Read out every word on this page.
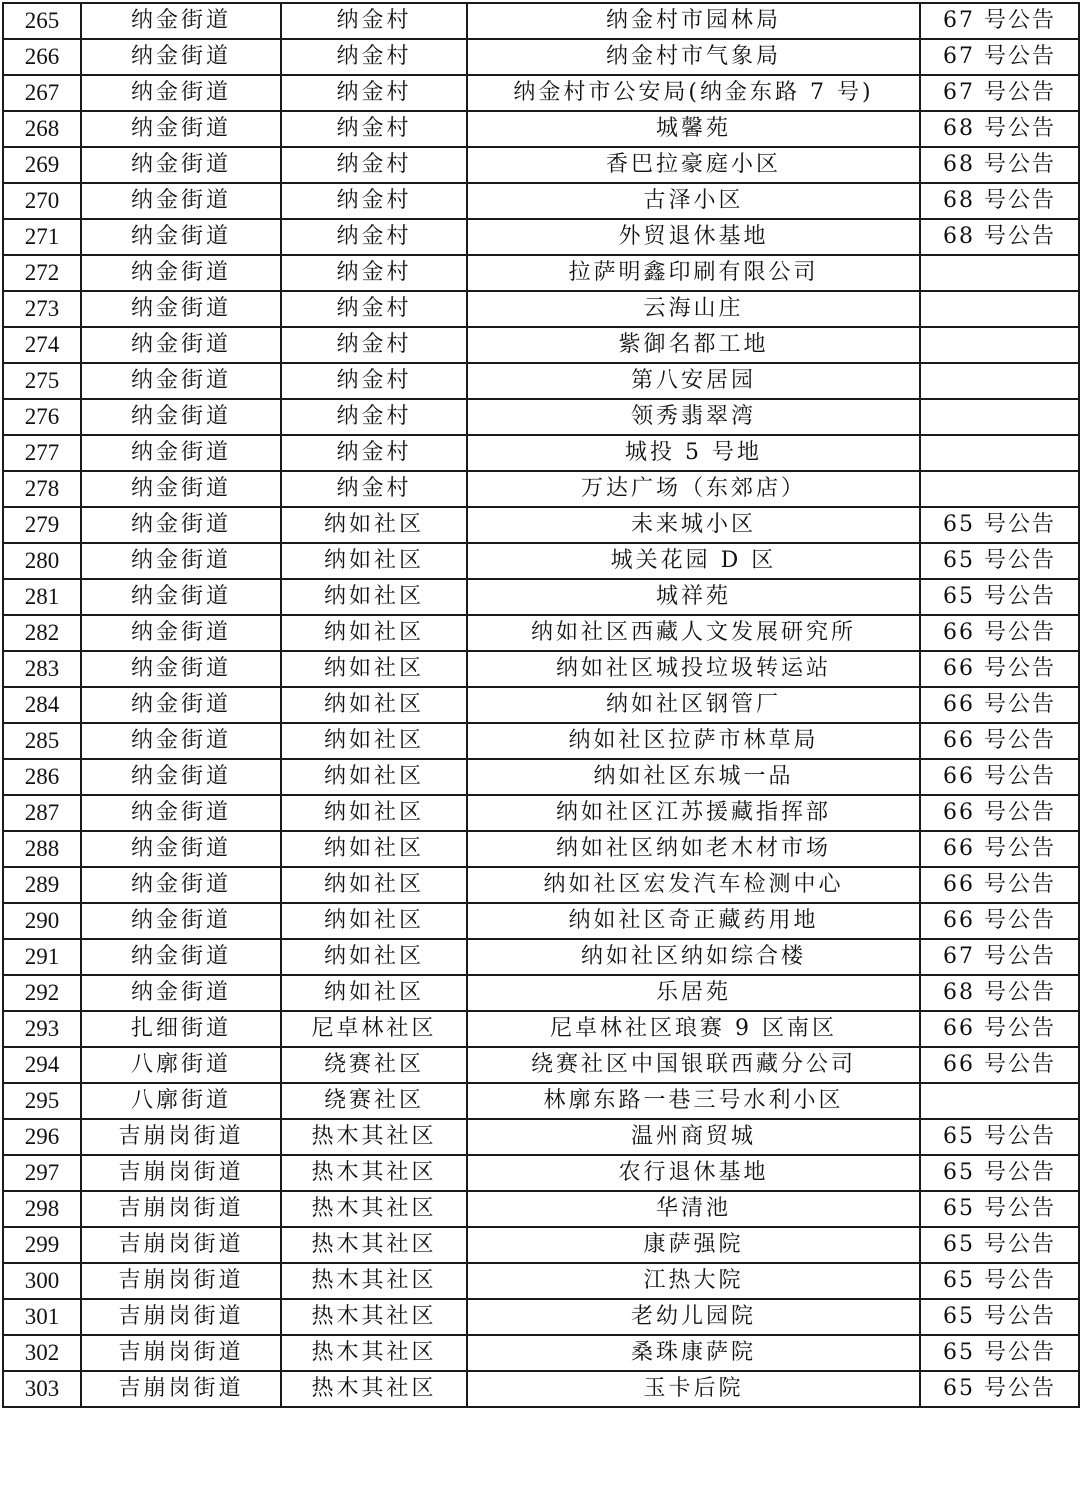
265	纳金街道	纳金村	纳金村市园林局	67 号公告
266	纳金街道	纳金村	纳金村市气象局	67 号公告
267	纳金街道	纳金村	纳金村市公安局(纳金东路 7 号)	67 号公告
268	纳金街道	纳金村	城馨苑	68 号公告
269	纳金街道	纳金村	香巴拉豪庭小区	68 号公告
270	纳金街道	纳金村	古泽小区	68 号公告
271	纳金街道	纳金村	外贸退休基地	68 号公告
272	纳金街道	纳金村	拉萨明鑫印刷有限公司	
273	纳金街道	纳金村	云海山庄	
274	纳金街道	纳金村	紫御名都工地	
275	纳金街道	纳金村	第八安居园	
276	纳金街道	纳金村	领秀翡翠湾	
277	纳金街道	纳金村	城投 5 号地	
278	纳金街道	纳金村	万达广场（东郊店）	
279	纳金街道	纳如社区	未来城小区	65 号公告
280	纳金街道	纳如社区	城关花园 D 区	65 号公告
281	纳金街道	纳如社区	城祥苑	65 号公告
282	纳金街道	纳如社区	纳如社区西藏人文发展研究所	66 号公告
283	纳金街道	纳如社区	纳如社区城投垃圾转运站	66 号公告
284	纳金街道	纳如社区	纳如社区钢管厂	66 号公告
285	纳金街道	纳如社区	纳如社区拉萨市林草局	66 号公告
286	纳金街道	纳如社区	纳如社区东城一品	66 号公告
287	纳金街道	纳如社区	纳如社区江苏援藏指挥部	66 号公告
288	纳金街道	纳如社区	纳如社区纳如老木材市场	66 号公告
289	纳金街道	纳如社区	纳如社区宏发汽车检测中心	66 号公告
290	纳金街道	纳如社区	纳如社区奇正藏药用地	66 号公告
291	纳金街道	纳如社区	纳如社区纳如综合楼	67 号公告
292	纳金街道	纳如社区	乐居苑	68 号公告
293	扎细街道	尼卓林社区	尼卓林社区琅赛 9 区南区	66 号公告
294	八廓街道	绕赛社区	绕赛社区中国银联西藏分公司	66 号公告
295	八廓街道	绕赛社区	林廓东路一巷三号水利小区	
296	吉崩岗街道	热木其社区	温州商贸城	65 号公告
297	吉崩岗街道	热木其社区	农行退休基地	65 号公告
298	吉崩岗街道	热木其社区	华清池	65 号公告
299	吉崩岗街道	热木其社区	康萨强院	65 号公告
300	吉崩岗街道	热木其社区	江热大院	65 号公告
301	吉崩岗街道	热木其社区	老幼儿园院	65 号公告
302	吉崩岗街道	热木其社区	桑珠康萨院	65 号公告
303	吉崩岗街道	热木其社区	玉卡后院	65 号公告
